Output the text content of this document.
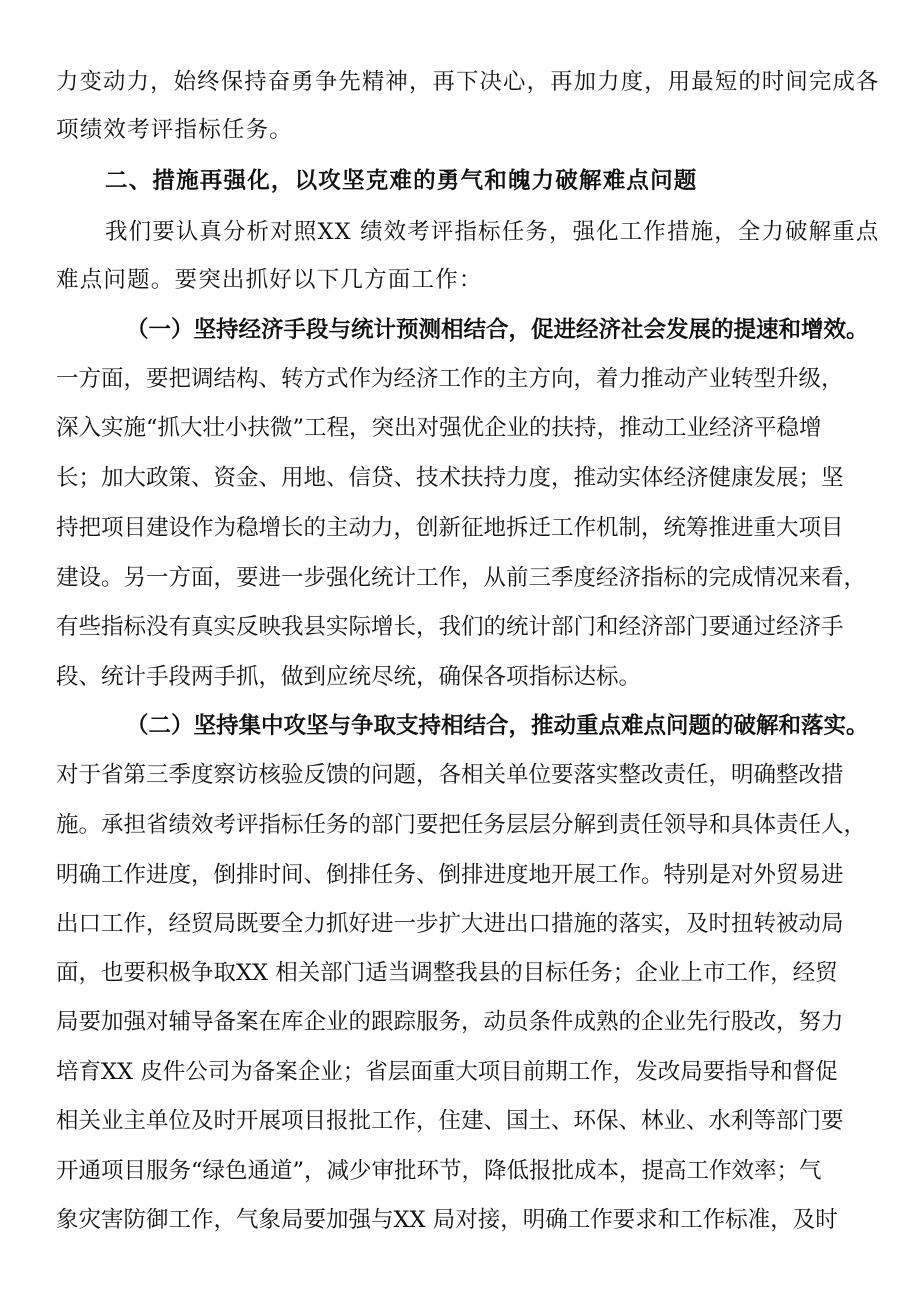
力变动力，始终保持奋勇争先精神，再下决心，再加力度，用最短的时间完成各
项绩效考评指标任务。
二、措施再强化，以攻坚克难的勇气和魄力破解难点问题
我们要认真分析对照XX 绩效考评指标任务，强化工作措施，全力破解重点
难点问题。要突出抓好以下几方面工作：
（一）坚持经济手段与统计预测相结合，促进经济社会发展的提速和增效。
一方面，要把调结构、转方式作为经济工作的主方向，着力推动产业转型升级，
深入实施“抓大壮小扶微”工程，突出对强优企业的扶持，推动工业经济平稳增
长；加大政策、资金、用地、信贷、技术扶持力度，推动实体经济健康发展；坚
持把项目建设作为稳增长的主动力，创新征地拆迁工作机制，统筹推进重大项目
建设。另一方面，要进一步强化统计工作，从前三季度经济指标的完成情况来看，
有些指标没有真实反映我县实际增长，我们的统计部门和经济部门要通过经济手
段、统计手段两手抓，做到应统尽统，确保各项指标达标。
（二）坚持集中攻坚与争取支持相结合，推动重点难点问题的破解和落实。
对于省第三季度察访核验反馈的问题，各相关单位要落实整改责任，明确整改措
施。承担省绩效考评指标任务的部门要把任务层层分解到责任领导和具体责任人，
明确工作进度，倒排时间、倒排任务、倒排进度地开展工作。特别是对外贸易进
出口工作，经贸局既要全力抓好进一步扩大进出口措施的落实，及时扭转被动局
面，也要积极争取XX 相关部门适当调整我县的目标任务；企业上市工作，经贸
局要加强对辅导备案在库企业的跟踪服务，动员条件成熟的企业先行股改，努力
培育XX 皮件公司为备案企业；省层面重大项目前期工作，发改局要指导和督促
相关业主单位及时开展项目报批工作，住建、国土、环保、林业、水利等部门要
开通项目服务“绿色通道”，减少审批环节，降低报批成本，提高工作效率；气
象灾害防御工作，气象局要加强与XX 局对接，明确工作要求和工作标准，及时
